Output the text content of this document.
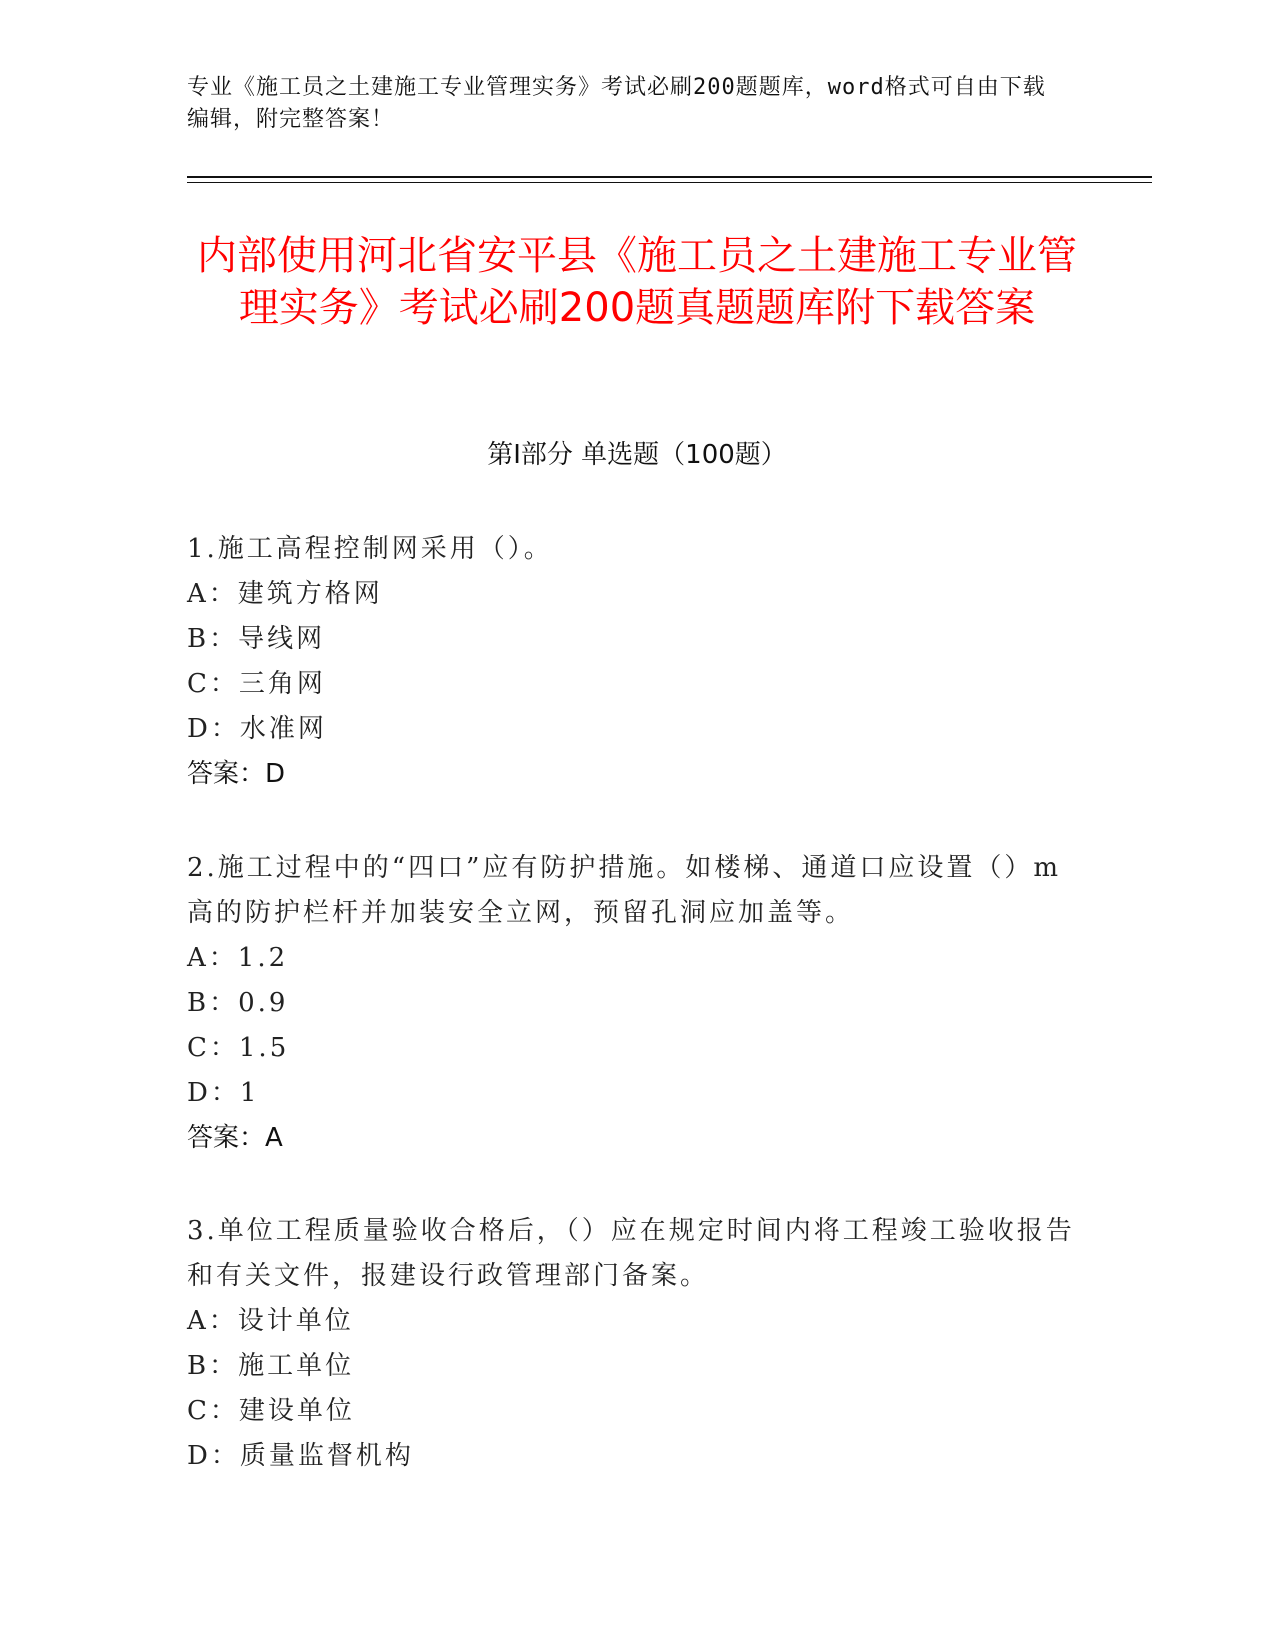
专业《施工员之土建施工专业管理实务》考试必刷200题题库，word格式可自由下载编辑，附完整答案！
内部使用河北省安平县《施工员之土建施工专业管理实务》考试必刷200题真题题库附下载答案
第I部分 单选题（100题）

1.施工高程控制网采用（）。

A：建筑方格网

B：导线网

C：三角网

D：水准网

答案：D

2.施工过程中的“四口”应有防护措施。如楼梯、通道口应设置（）m高的防护栏杆并加装安全立网，预留孔洞应加盖等。

A：1.2

B：0.9

C：1.5

D：1

答案：A

3.单位工程质量验收合格后，（）应在规定时间内将工程竣工验收报告和有关文件，报建设行政管理部门备案。

A：设计单位

B：施工单位

C：建设单位

D：质量监督机构
